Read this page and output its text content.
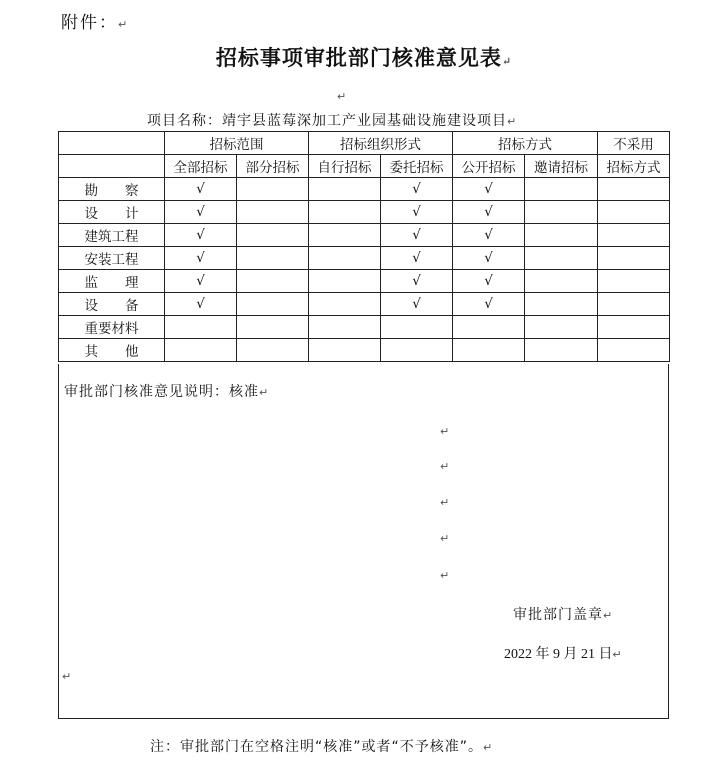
附件：↵
招标事项审批部门核准意见表↵
↵
项目名称：靖宇县蓝莓深加工产业园基础设施建设项目↵
	招标范围		招标组织形式		招标方式		不采用
	全部招标	部分招标	自行招标	委托招标	公开招标	邀请招标	招标方式
勘　　察	√			√	√		
设　　计	√			√	√		
建筑工程	√			√	√		
安装工程	√			√	√		
监　　理	√			√	√		
设　　备	√			√	√		
重要材料							
其　　他							
审批部门核准意见说明：核准↵
↵
↵
↵
↵
↵
审批部门盖章↵
2022 年 9 月 21 日↵
↵
注：审批部门在空格注明“核准”或者“不予核准”。↵
